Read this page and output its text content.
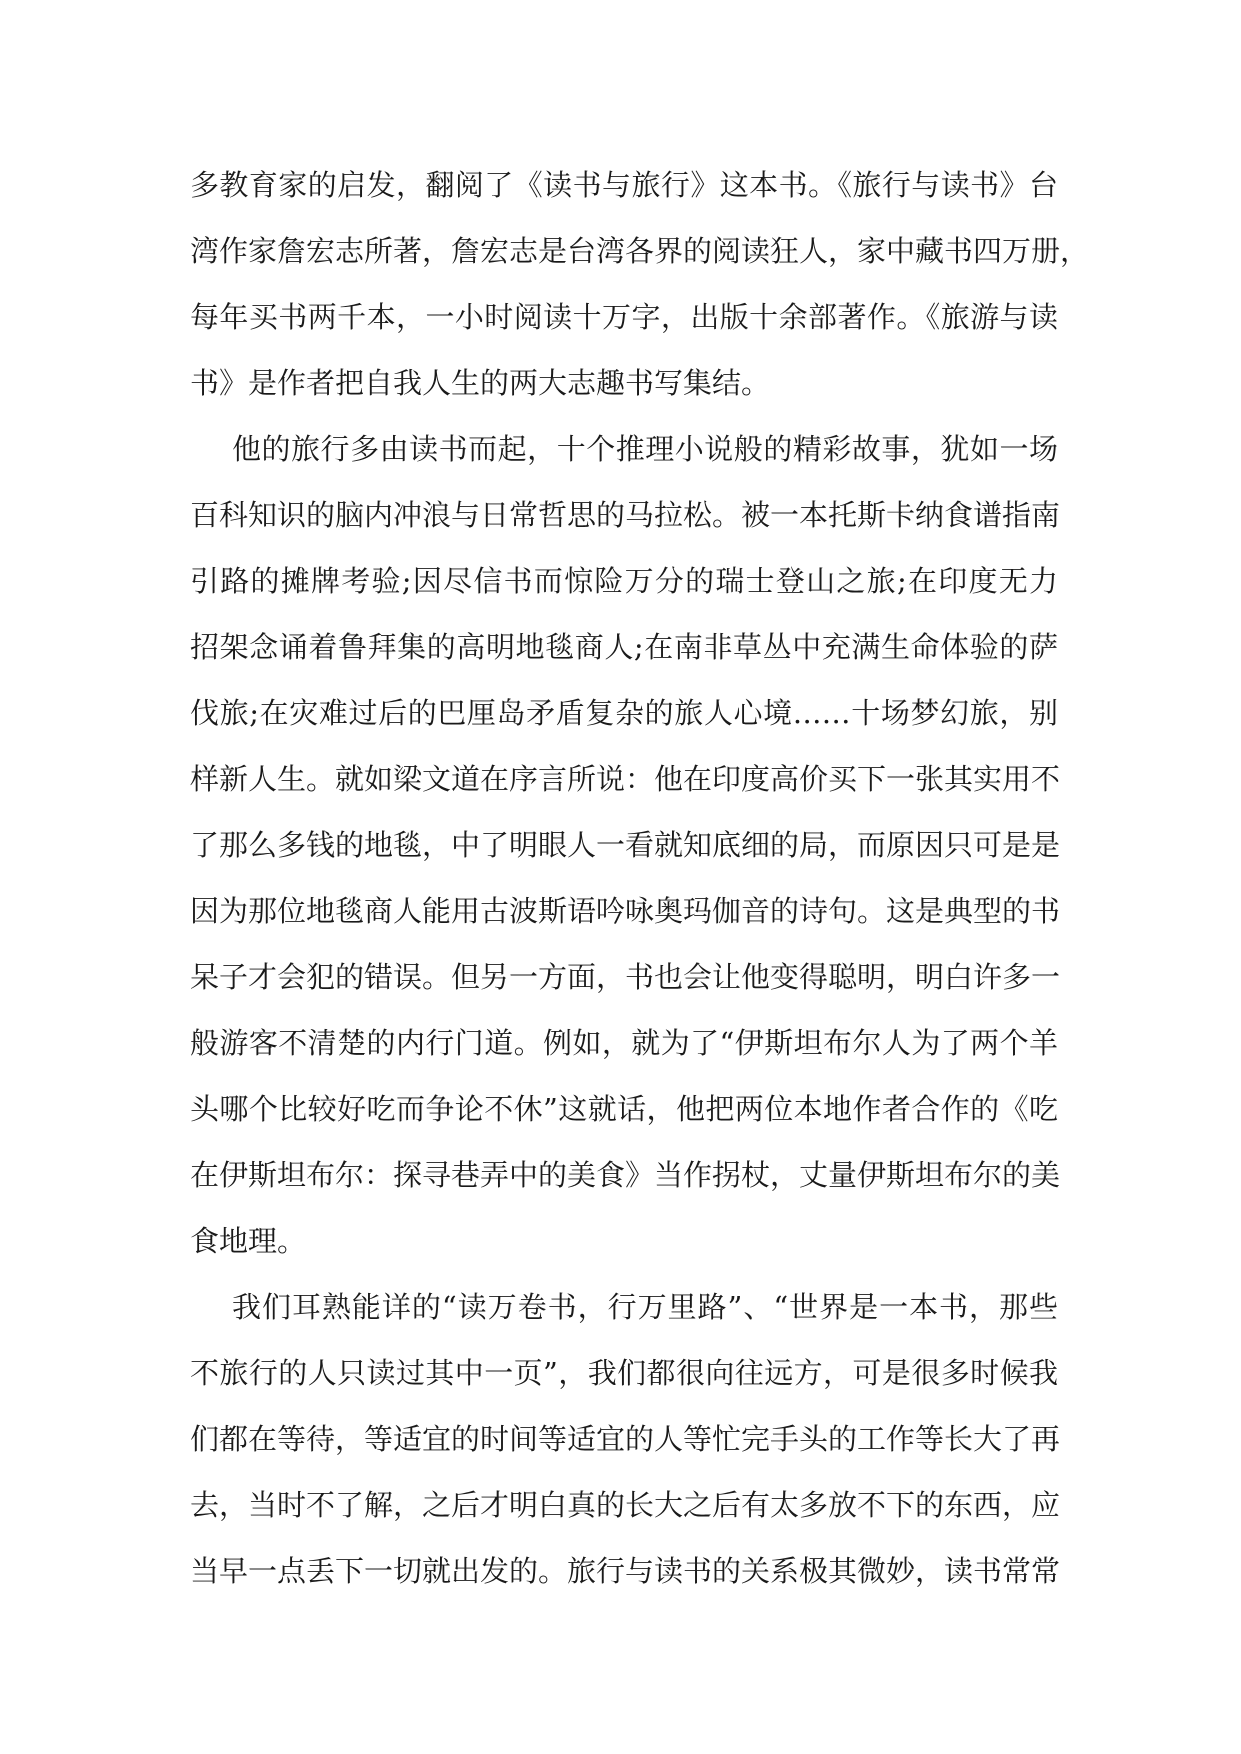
多教育家的启发，翻阅了《读书与旅行》这本书。《旅行与读书》台
湾作家詹宏志所著，詹宏志是台湾各界的阅读狂人，家中藏书四万册，
每年买书两千本，一小时阅读十万字，出版十余部著作。《旅游与读
书》是作者把自我人生的两大志趣书写集结。
他的旅行多由读书而起，十个推理小说般的精彩故事，犹如一场
百科知识的脑内冲浪与日常哲思的马拉松。被一本托斯卡纳食谱指南
引路的摊牌考验;因尽信书而惊险万分的瑞士登山之旅;在印度无力
招架念诵着鲁拜集的高明地毯商人;在南非草丛中充满生命体验的萨
伐旅;在灾难过后的巴厘岛矛盾复杂的旅人心境……十场梦幻旅，别
样新人生。就如梁文道在序言所说：他在印度高价买下一张其实用不
了那么多钱的地毯，中了明眼人一看就知底细的局，而原因只可是是
因为那位地毯商人能用古波斯语吟咏奥玛伽音的诗句。这是典型的书
呆子才会犯的错误。但另一方面，书也会让他变得聪明，明白许多一
般游客不清楚的内行门道。例如，就为了“伊斯坦布尔人为了两个羊
头哪个比较好吃而争论不休”这就话，他把两位本地作者合作的《吃
在伊斯坦布尔：探寻巷弄中的美食》当作拐杖，丈量伊斯坦布尔的美
食地理。
我们耳熟能详的“读万卷书，行万里路”、“世界是一本书，那些
不旅行的人只读过其中一页”，我们都很向往远方，可是很多时候我
们都在等待，等适宜的时间等适宜的人等忙完手头的工作等长大了再
去，当时不了解，之后才明白真的长大之后有太多放不下的东西，应
当早一点丢下一切就出发的。旅行与读书的关系极其微妙，读书常常
